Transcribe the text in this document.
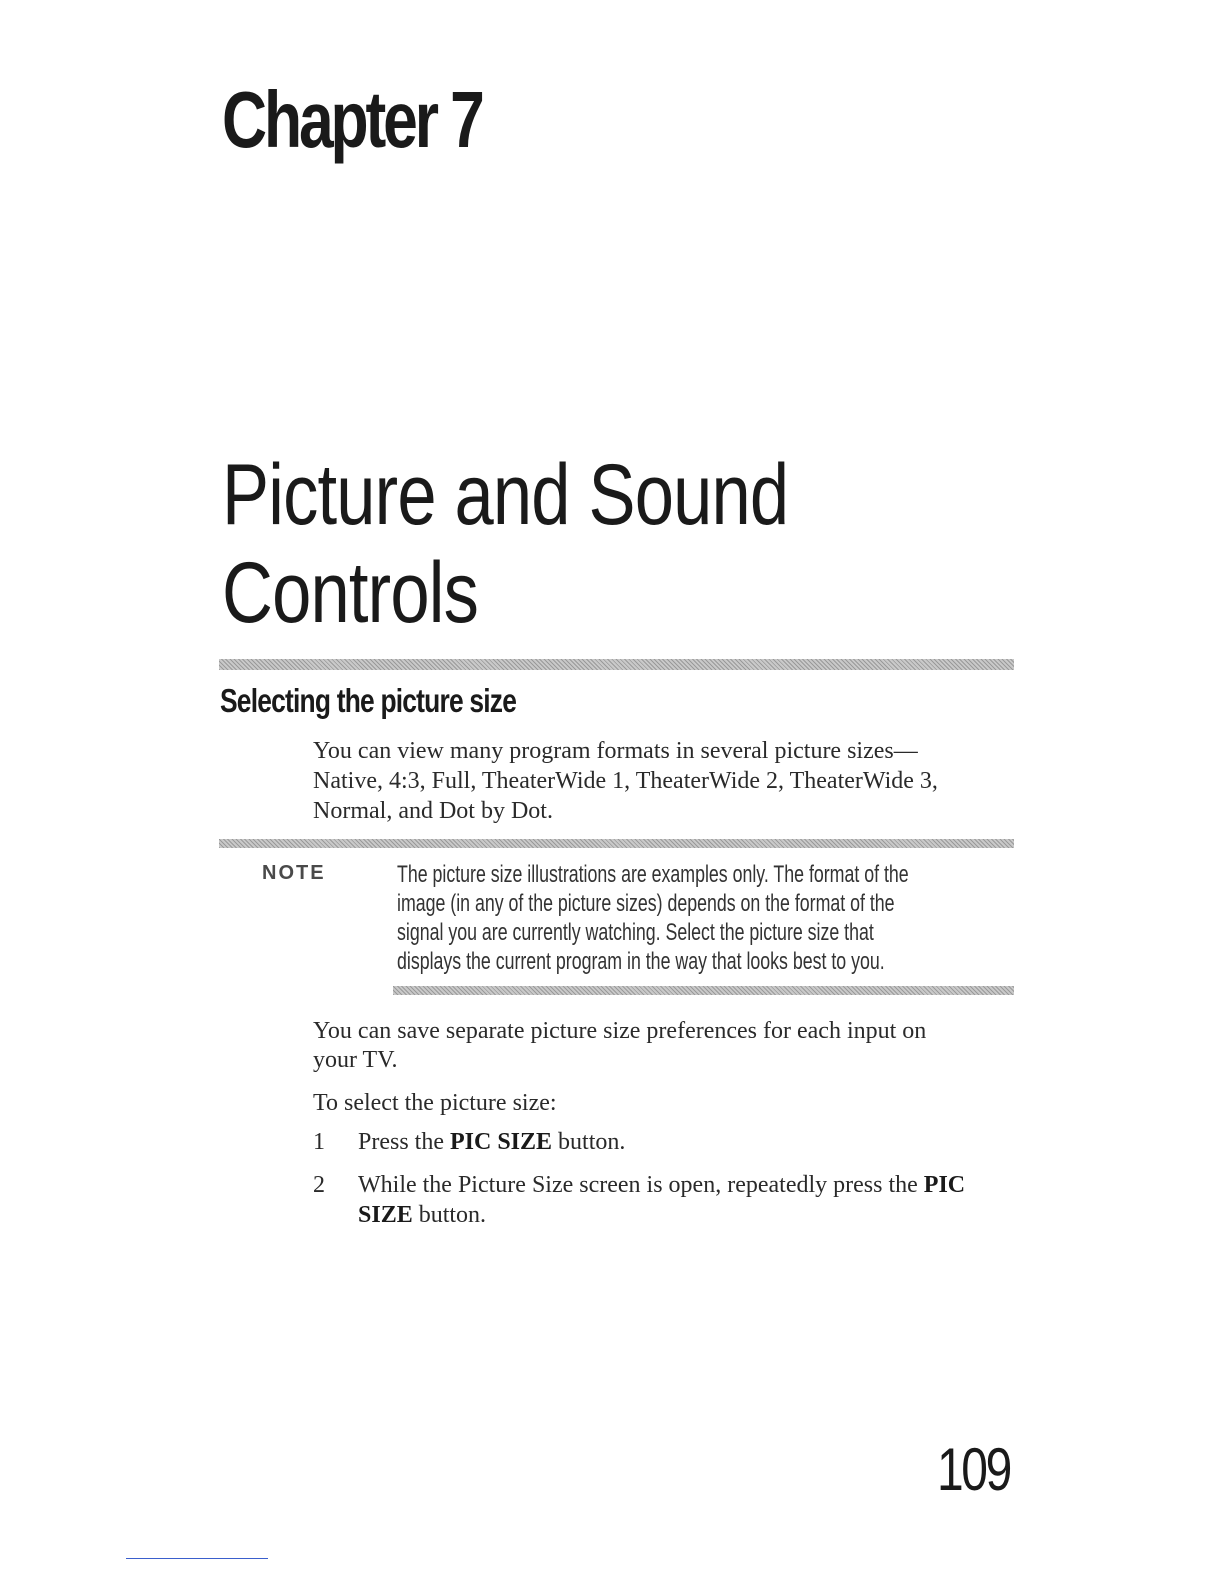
Chapter 7
Picture and Sound
Controls
Selecting the picture size
You can view many program formats in several picture sizes—
Native, 4:3, Full, TheaterWide 1, TheaterWide 2, TheaterWide 3,
Normal, and Dot by Dot.
NOTE	The picture size illustrations are examples only. The format of the
image (in any of the picture sizes) depends on the format of the
signal you are currently watching. Select the picture size that
displays the current program in the way that looks best to you.
You can save separate picture size preferences for each input on
your TV.
To select the picture size:
1 Press the PIC SIZE button.
2 While the Picture Size screen is open, repeatedly press the PIC
SIZE button.
109
